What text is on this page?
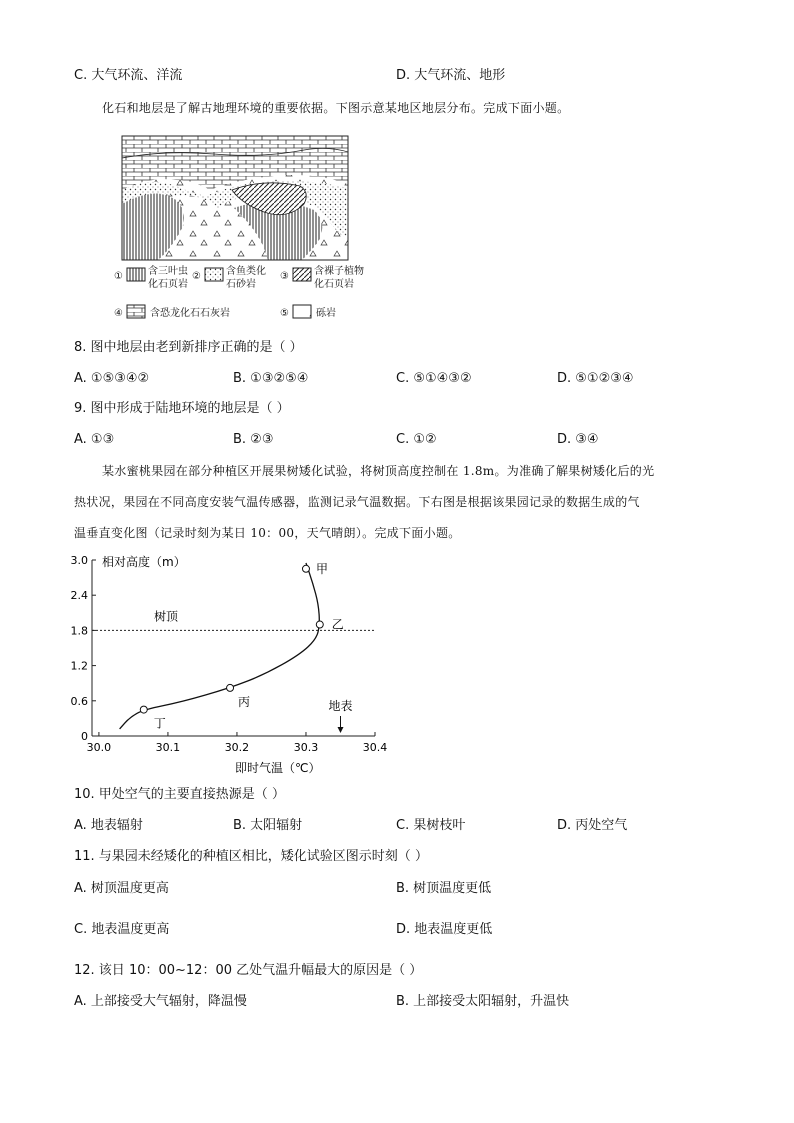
C. 大气环流、洋流	D. 大气环流、地形
化石和地层是了解古地理环境的重要依据。下图示意某地区地层分布。完成下面小题。
①	含三叶虫
化石页岩
②	含鱼类化
石砂岩
③	含裸子植物
化石页岩
④	含恐龙化石石灰岩	⑤	砾岩
8. 图中地层由老到新排序正确的是（ ）
A. ①⑤③④②	B. ①③②⑤④	C. ⑤①④③②	D. ⑤①②③④
9. 图中形成于陆地环境的地层是（ ）
A. ①③	B. ②③	C. ①②	D. ③④
某水蜜桃果园在部分种植区开展果树矮化试验，将树顶高度控制在 1.8m。为准确了解果树矮化后的光
热状况，果园在不同高度安装气温传感器，监测记录气温数据。下右图是根据该果园记录的数据生成的气
温垂直变化图（记录时刻为某日 10：00，天气晴朗）。完成下面小题。
0
0.6
1.2
1.8
2.4
3.0
30.0	30.1	30.2	30.3	30.4
树顶
甲
乙
丙
丁
地表
相对高度（m）
即时气温（℃）
10. 甲处空气的主要直接热源是（ ）
A. 地表辐射	B. 太阳辐射	C. 果树枝叶	D. 丙处空气
11. 与果园未经矮化的种植区相比，矮化试验区图示时刻（ ）
A. 树顶温度更高	B. 树顶温度更低
C. 地表温度更高	D. 地表温度更低
12. 该日 10：00~12：00 乙处气温升幅最大的原因是（ ）
A. 上部接受大气辐射，降温慢	B. 上部接受太阳辐射，升温快
